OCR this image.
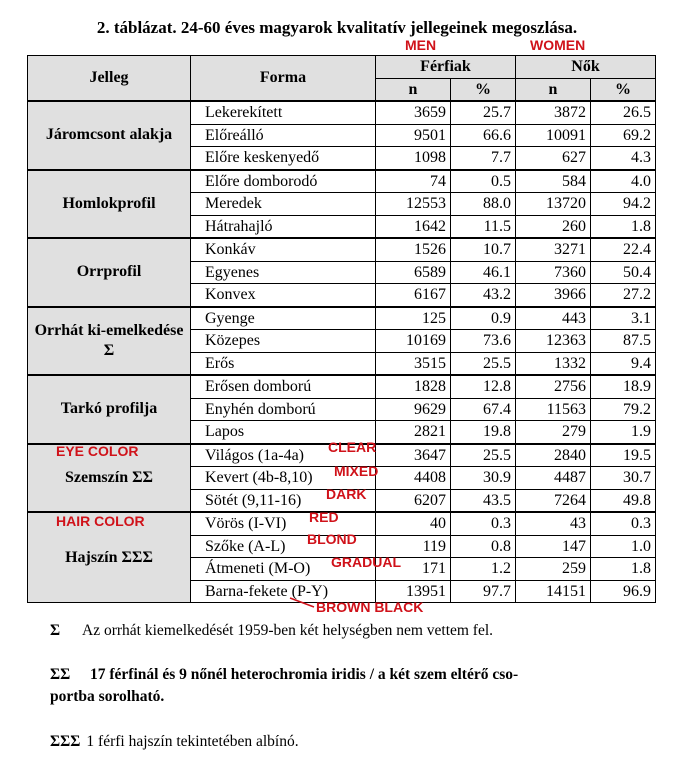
2. táblázat. 24-60 éves magyarok kvalitatív jellegeinek megoszlása.
Jelleg	Forma	Férfiak		Nők	
		n	%	n	%
Járomcsont alakja	Lekerekített	3659	25.7	3872	26.5
	Előreálló	9501	66.6	10091	69.2
	Előre keskenyedő	1098	7.7	627	4.3
Homlokprofil	Előre domborodó	74	0.5	584	4.0
	Meredek	12553	88.0	13720	94.2
	Hátrahajló	1642	11.5	260	1.8
Orrprofil	Konkáv	1526	10.7	3271	22.4
	Egyenes	6589	46.1	7360	50.4
	Konvex	6167	43.2	3966	27.2
Orrhát ki-emelkedése Σ	Gyenge	125	0.9	443	3.1
	Közepes	10169	73.6	12363	87.5
	Erős	3515	25.5	1332	9.4
Tarkó profilja	Erősen domború	1828	12.8	2756	18.9
	Enyhén domború	9629	67.4	11563	79.2
	Lapos	2821	19.8	279	1.9
Szemszín ΣΣ	Világos (1a-4a)	3647	25.5	2840	19.5
	Kevert (4b-8,10)	4408	30.9	4487	30.7
	Sötét (9,11-16)	6207	43.5	7264	49.8
Hajszín ΣΣΣ	Vörös (I-VI)	40	0.3	43	0.3
	Szőke (A-L)	119	0.8	147	1.0
	Átmeneti (M-O)	171	1.2	259	1.8
	Barna-fekete (P-Y)	13951	97.7	14151	96.9
MEN	WOMEN
EYE COLOR	CLEAR
MIXED
DARK
HAIR COLOR	RED
BLOND
GRADUAL
BROWN BLACK
Σ Az orrhát kiemelkedését 1959-ben két helységben nem vettem fel.
ΣΣ 17 férfinál és 9 nőnél heterochromia iridis / a két szem eltérő cso-
portba sorolható.
ΣΣΣ 1 férfi hajszín tekintetében albínó.
